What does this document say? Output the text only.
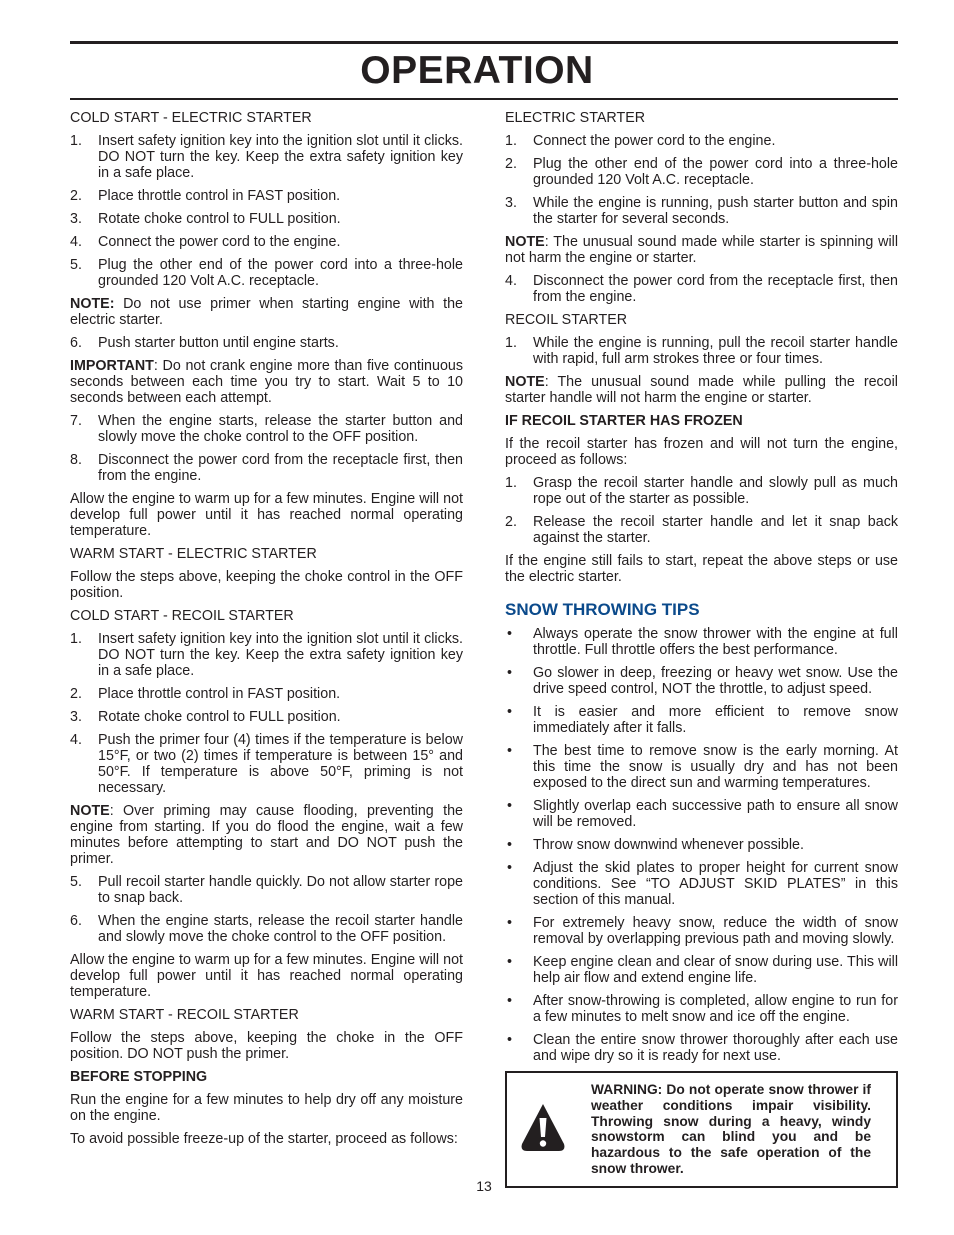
OPERATION
COLD START - ELECTRIC STARTER
1. Insert safety ignition key into the ignition slot until it clicks. DO NOT turn the key. Keep the extra safety ignition key in a safe place.
2. Place throttle control in FAST position.
3. Rotate choke control to FULL position.
4. Connect the power cord to the engine.
5. Plug the other end of the power cord into a three-hole grounded 120 Volt A.C. receptacle.

NOTE: Do not use primer when starting engine with the electric starter.

6. Push starter button until engine starts.

IMPORTANT: Do not crank engine more than five continuous seconds between each time you try to start. Wait 5 to 10 seconds between each attempt.

7. When the engine starts, release the starter button and slowly move the choke control to the OFF position.
8. Disconnect the power cord from the receptacle first, then from the engine.

Allow the engine to warm up for a few minutes. Engine will not develop full power until it has reached normal operating temperature.

WARM START - ELECTRIC STARTER

Follow the steps above, keeping the choke control in the OFF position.

COLD START - RECOIL STARTER
1. Insert safety ignition key into the ignition slot until it clicks. DO NOT turn the key. Keep the extra safety ignition key in a safe place.
2. Place throttle control in FAST position.
3. Rotate choke control to FULL position.
4. Push the primer four (4) times if the temperature is below 15°F, or two (2) times if temperature is between 15° and 50°F. If temperature is above 50°F, priming is not necessary.

NOTE: Over priming may cause flooding, preventing the engine from starting. If you do flood the engine, wait a few minutes before attempting to start and DO NOT push the primer.

5. Pull recoil starter handle quickly. Do not allow starter rope to snap back.
6. When the engine starts, release the recoil starter handle and slowly move the choke control to the OFF position.

Allow the engine to warm up for a few minutes. Engine will not develop full power until it has reached normal operating temperature.

WARM START - RECOIL STARTER

Follow the steps above, keeping the choke in the OFF position. DO NOT push the primer.

BEFORE STOPPING

Run the engine for a few minutes to help dry off any moisture on the engine.

To avoid possible freeze-up of the starter, proceed as follows:

ELECTRIC STARTER
1. Connect the power cord to the engine.
2. Plug the other end of the power cord into a three-hole grounded 120 Volt A.C. receptacle.
3. While the engine is running, push starter button and spin the starter for several seconds.

NOTE: The unusual sound made while starter is spinning will not harm the engine or starter.

4. Disconnect the power cord from the receptacle first, then from the engine.
RECOIL STARTER
1. While the engine is running, pull the recoil starter handle with rapid, full arm strokes three or four times.

NOTE: The unusual sound made while pulling the recoil starter handle will not harm the engine or starter.

IF RECOIL STARTER HAS FROZEN

If the recoil starter has frozen and will not turn the engine, proceed as follows:

1. Grasp the recoil starter handle and slowly pull as much rope out of the starter as possible.
2. Release the recoil starter handle and let it snap back against the starter.

If the engine still fails to start, repeat the above steps or use the electric starter.

SNOW THROWING TIPS
• Always operate the snow thrower with the engine at full throttle. Full throttle offers the best performance.
• Go slower in deep, freezing or heavy wet snow. Use the drive speed control, NOT the throttle, to adjust speed.
• It is easier and more efficient to remove snow immediately after it falls.
• The best time to remove snow is the early morning. At this time the snow is usually dry and has not been exposed to the direct sun and warming temperatures.
• Slightly overlap each successive path to ensure all snow will be removed.
• Throw snow downwind whenever possible.
• Adjust the skid plates to proper height for current snow conditions. See “TO ADJUST SKID PLATES” in this section of this manual.
• For extremely heavy snow, reduce the width of snow removal by overlapping previous path and moving slowly.
• Keep engine clean and clear of snow during use. This will help air flow and extend engine life.
• After snow-throwing is completed, allow engine to run for a few minutes to melt snow and ice off the engine.
• Clean the entire snow thrower thoroughly after each use and wipe dry so it is ready for next use.
WARNING: Do not operate snow thrower if weather conditions impair visibility. Throwing snow during a heavy, windy snowstorm can blind you and be hazardous to the safe operation of the snow thrower.
13
